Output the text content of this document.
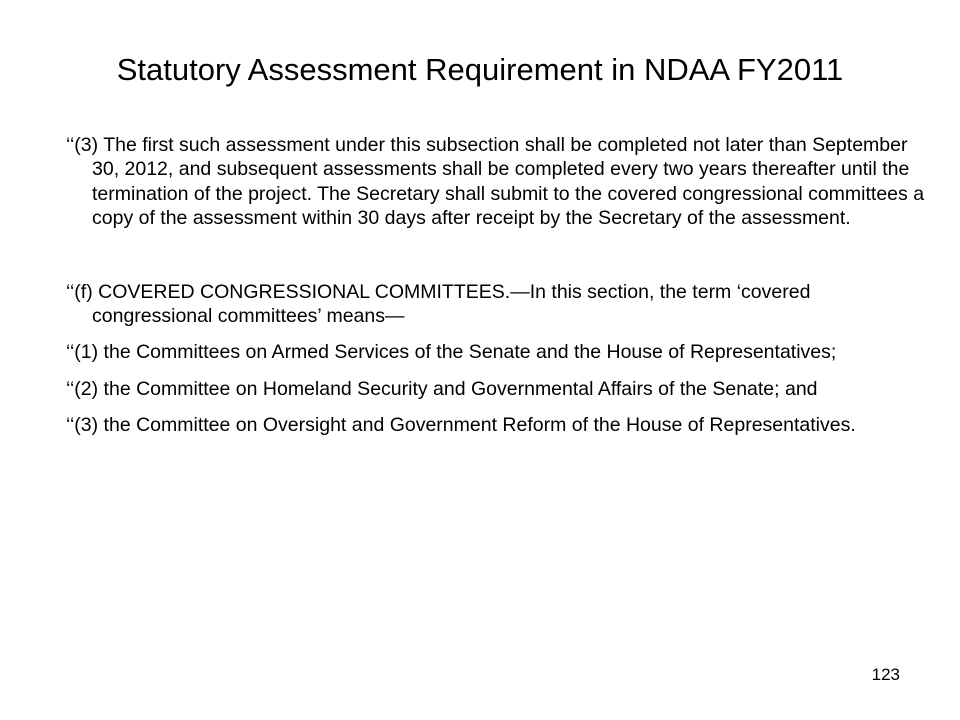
Statutory Assessment Requirement in NDAA FY2011

‘‘(3) The first such assessment under this subsection shall be completed not later than September 30, 2012, and subsequent assessments shall be completed every two years thereafter until the termination of the project. The Secretary shall submit to the covered congressional committees a copy of the assessment within 30 days after receipt by the Secretary of the assessment.

‘‘(f) COVERED CONGRESSIONAL COMMITTEES.—In this section, the term ‘covered congressional committees’ means—

‘‘(1) the Committees on Armed Services of the Senate and the House of Representatives;

‘‘(2) the Committee on Homeland Security and Governmental Affairs of the Senate; and

‘‘(3) the Committee on Oversight and Government Reform of the House of Representatives.

123
